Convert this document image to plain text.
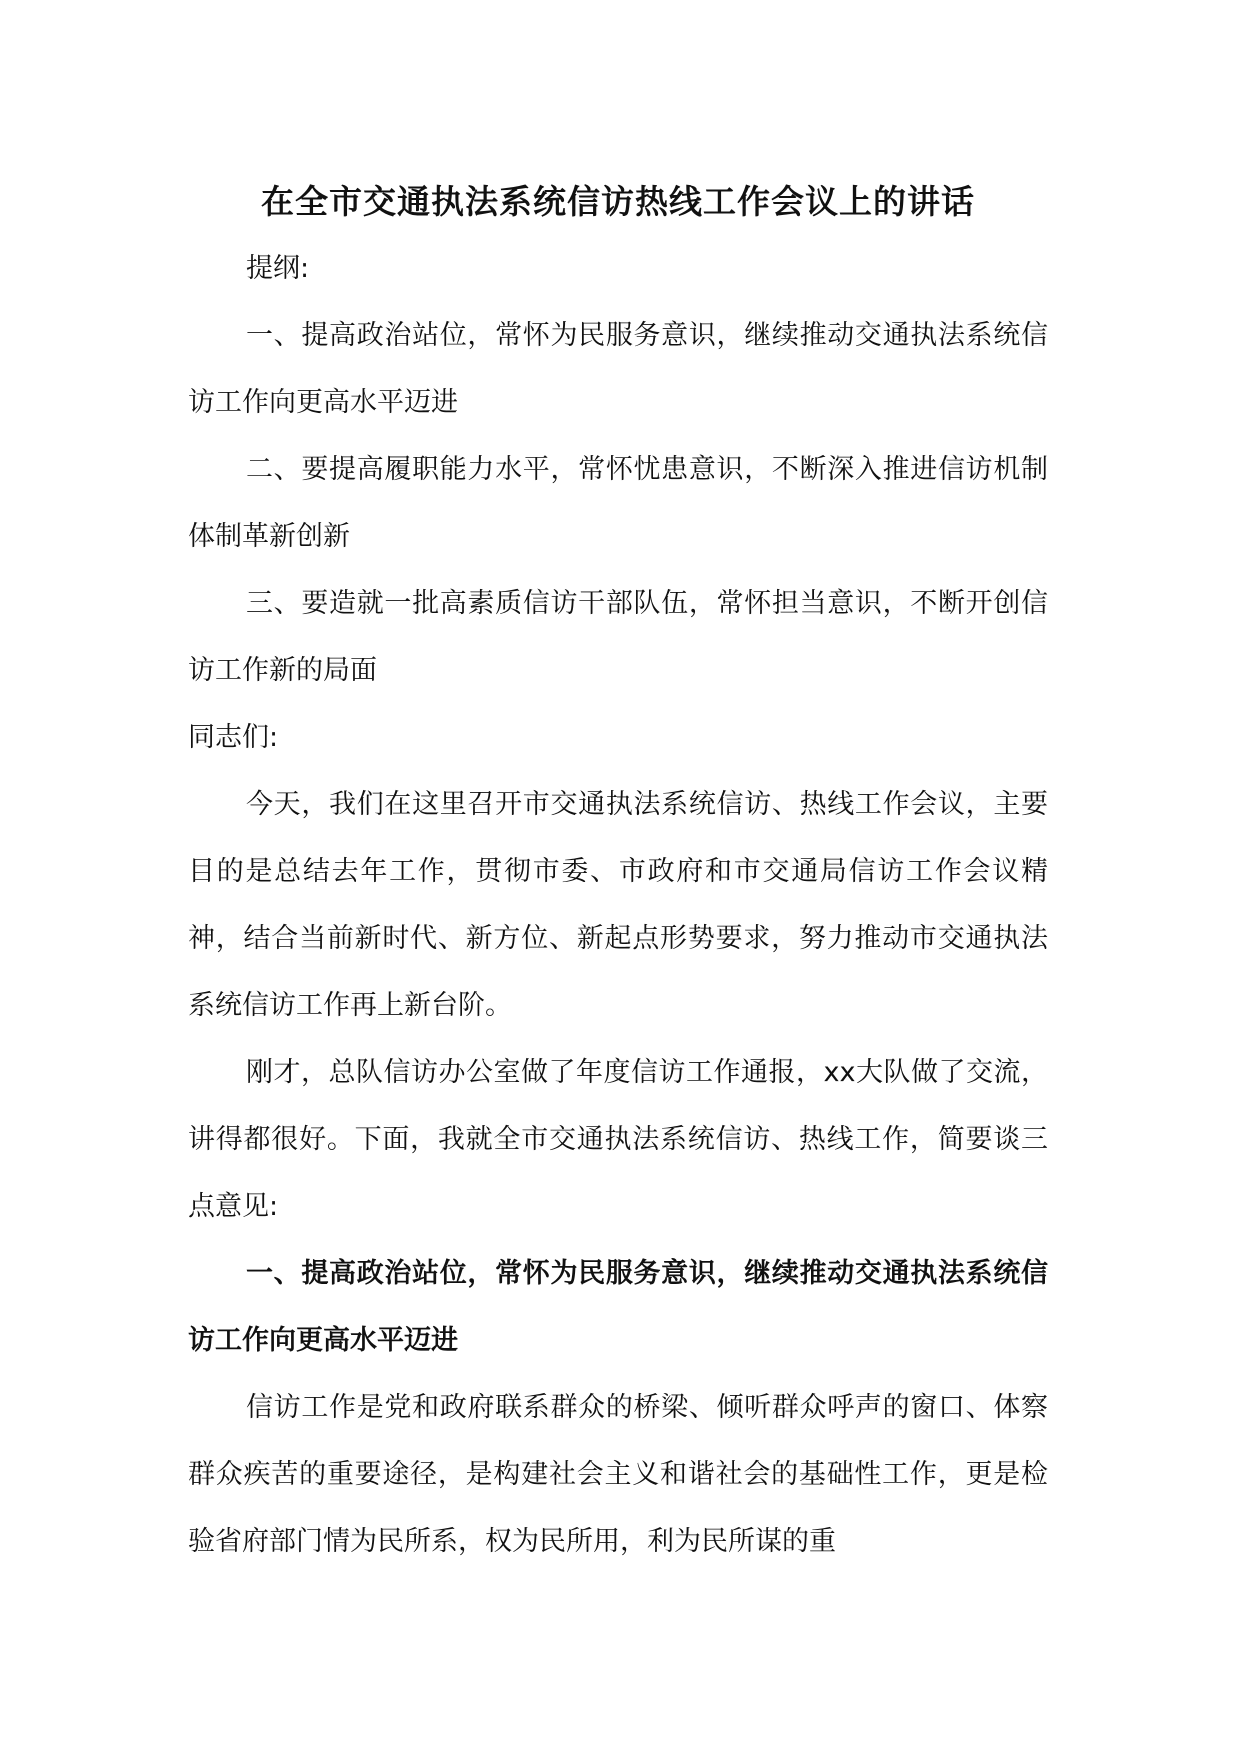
在全市交通执法系统信访热线工作会议上的讲话

提纲:

一、提高政治站位，常怀为民服务意识，继续推动交通执法系统信访工作向更高水平迈进

二、要提高履职能力水平，常怀忧患意识，不断深入推进信访机制体制革新创新

三、要造就一批高素质信访干部队伍，常怀担当意识，不断开创信访工作新的局面

同志们:

今天，我们在这里召开市交通执法系统信访、热线工作会议，主要目的是总结去年工作，贯彻市委、市政府和市交通局信访工作会议精神，结合当前新时代、新方位、新起点形势要求，努力推动市交通执法系统信访工作再上新台阶。

刚才，总队信访办公室做了年度信访工作通报，xx大队做了交流，讲得都很好。下面，我就全市交通执法系统信访、热线工作，简要谈三点意见:

一、提高政治站位，常怀为民服务意识，继续推动交通执法系统信访工作向更高水平迈进

信访工作是党和政府联系群众的桥梁、倾听群众呼声的窗口、体察群众疾苦的重要途径，是构建社会主义和谐社会的基础性工作，更是检验省府部门情为民所系，权为民所用，利为民所谋的重
